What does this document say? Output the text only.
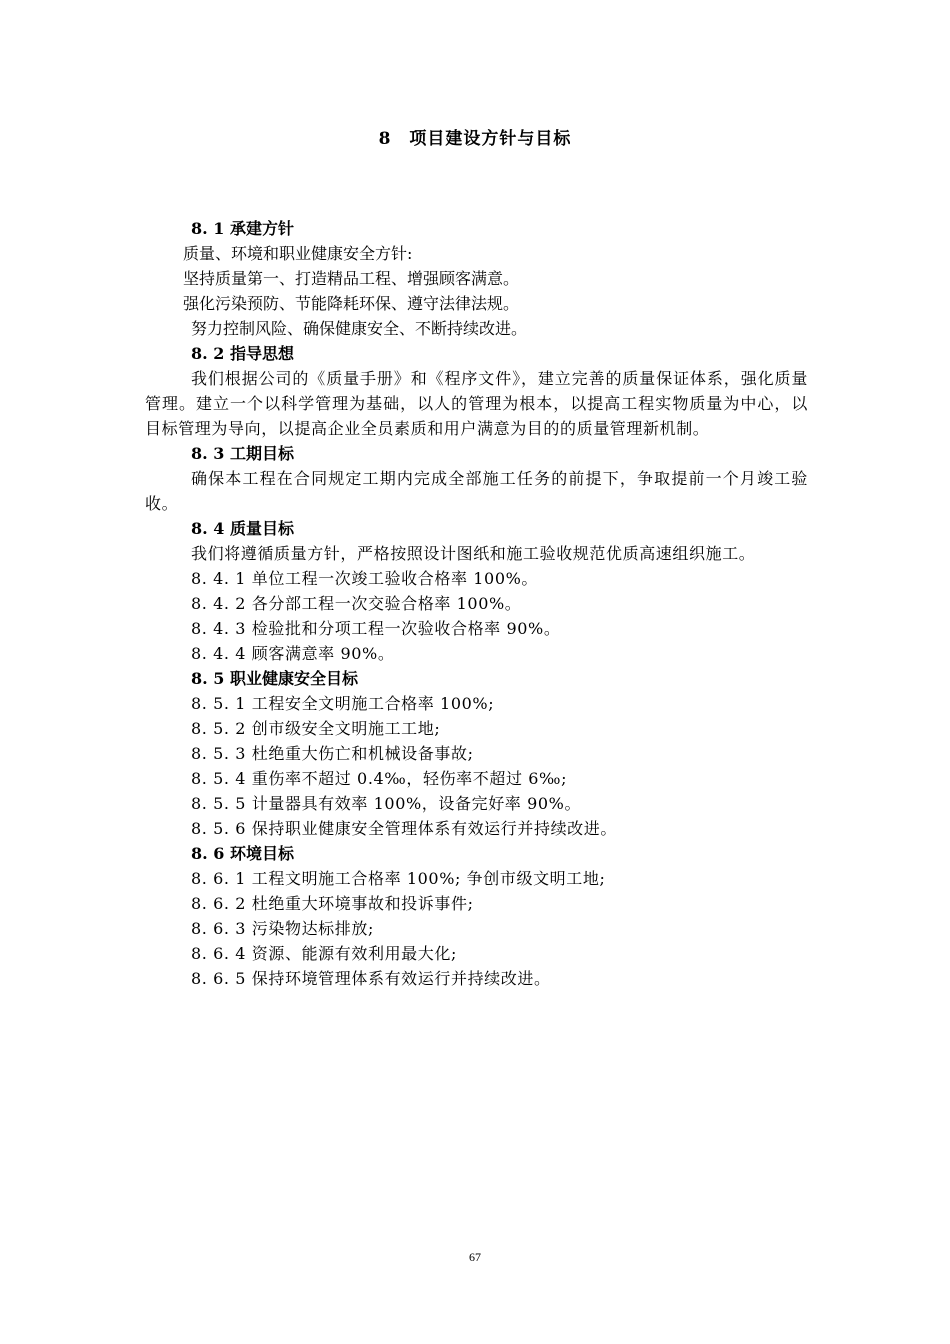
8 项目建设方针与目标

8. 1 承建方针

质量、环境和职业健康安全方针:

坚持质量第一、打造精品工程、增强顾客满意。

强化污染预防、节能降耗环保、遵守法律法规。

努力控制风险、确保健康安全、不断持续改进。

8. 2 指导思想

我们根据公司的《质量手册》和《程序文件》，建立完善的质量保证体系，强化质量管理。建立一个以科学管理为基础，以人的管理为根本，以提高工程实物质量为中心，以目标管理为导向，以提高企业全员素质和用户满意为目的的质量管理新机制。

8. 3 工期目标

确保本工程在合同规定工期内完成全部施工任务的前提下，争取提前一个月竣工验收。

8. 4 质量目标

我们将遵循质量方针，严格按照设计图纸和施工验收规范优质高速组织施工。

8. 4. 1 单位工程一次竣工验收合格率 100%。

8. 4. 2 各分部工程一次交验合格率 100%。

8. 4. 3 检验批和分项工程一次验收合格率 90%。

8. 4. 4 顾客满意率 90%。

8. 5 职业健康安全目标

8. 5. 1 工程安全文明施工合格率 100%;

8. 5. 2 创市级安全文明施工工地;

8. 5. 3 杜绝重大伤亡和机械设备事故;

8. 5. 4 重伤率不超过 0.4‰，轻伤率不超过 6‰;

8. 5. 5 计量器具有效率 100%，设备完好率 90%。

8. 5. 6 保持职业健康安全管理体系有效运行并持续改进。

8. 6 环境目标

8. 6. 1 工程文明施工合格率 100%; 争创市级文明工地;

8. 6. 2 杜绝重大环境事故和投诉事件;

8. 6. 3 污染物达标排放;

8. 6. 4 资源、能源有效利用最大化;

8. 6. 5 保持环境管理体系有效运行并持续改进。

67
